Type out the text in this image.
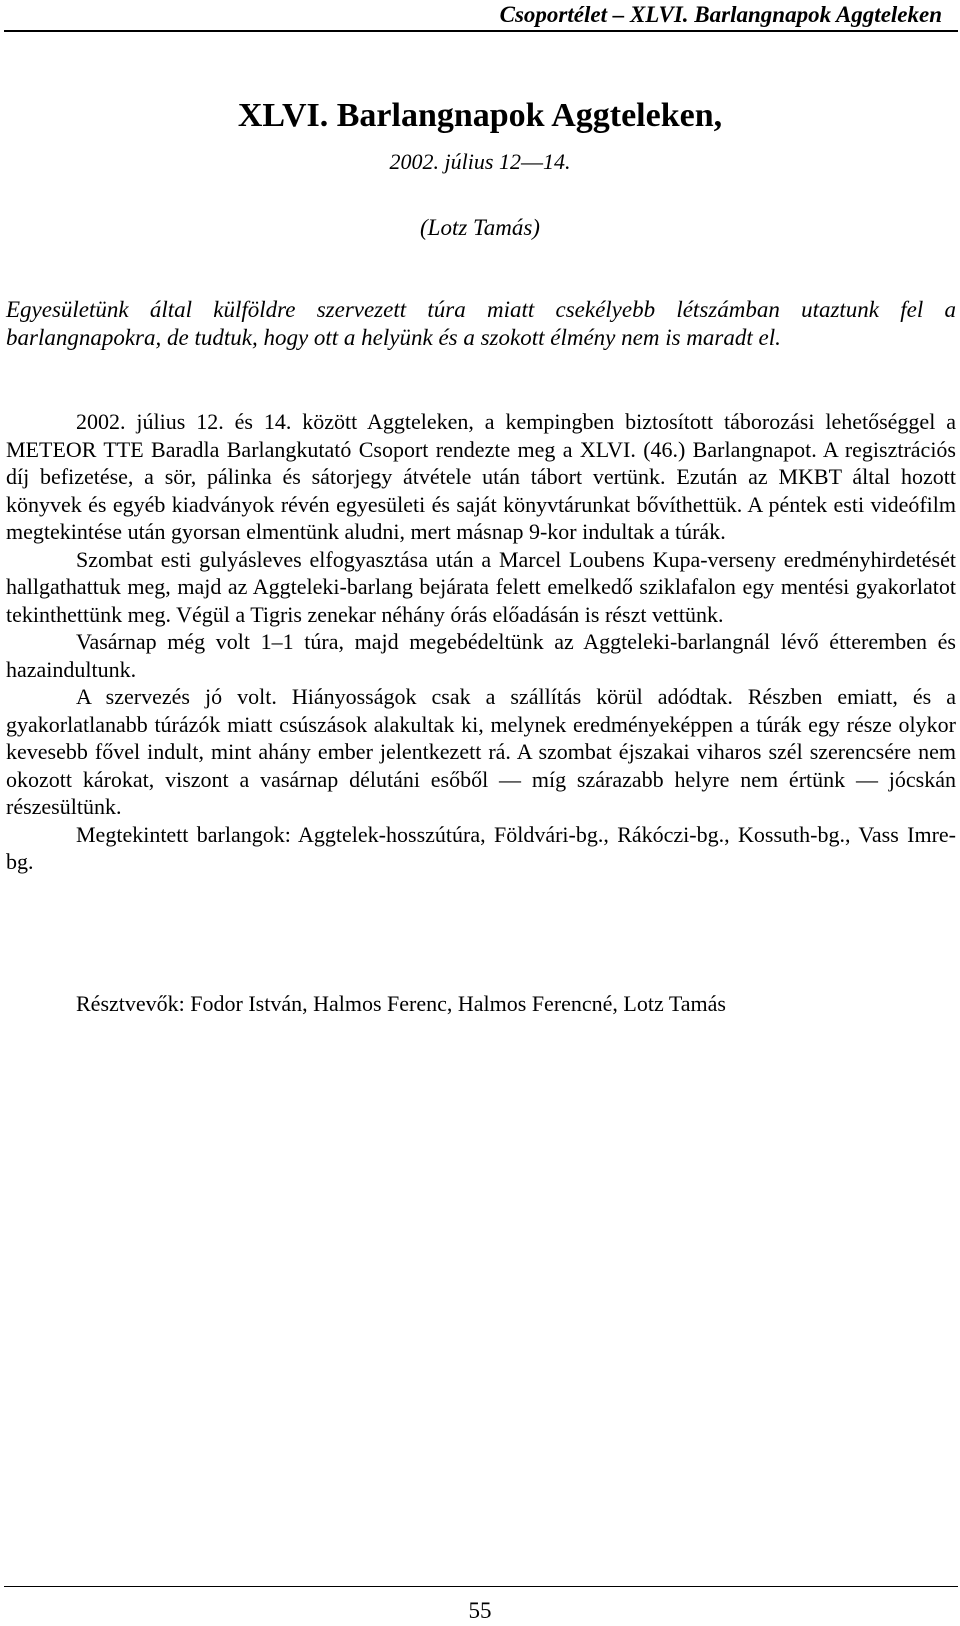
Csoportélet – XLVI. Barlangnapok Aggteleken
XLVI. Barlangnapok Aggteleken,
2002. július 12―14.
(Lotz Tamás)
Egyesületünk által külföldre szervezett túra miatt csekélyebb létszámban utaztunk fel a barlangnapokra, de tudtuk, hogy ott a helyünk és a szokott élmény nem is maradt el.

2002. július 12. és 14. között Aggteleken, a kempingben biztosított táborozási lehetőséggel a METEOR TTE Baradla Barlangkutató Csoport rendezte meg a XLVI. (46.) Barlangnapot. A regisztrációs díj befizetése, a sör, pálinka és sátorjegy átvétele után tábort vertünk. Ezután az MKBT által hozott könyvek és egyéb kiadványok révén egyesületi és saját könyvtárunkat bővíthettük. A péntek esti videófilm megtekintése után gyorsan elmentünk aludni, mert másnap 9-kor indultak a túrák.

Szombat esti gulyásleves elfogyasztása után a Marcel Loubens Kupa-verseny eredményhirdetését hallgathattuk meg, majd az Aggteleki-barlang bejárata felett emelkedő sziklafalon egy mentési gyakorlatot tekinthettünk meg. Végül a Tigris zenekar néhány órás előadásán is részt vettünk.

Vasárnap még volt 1–1 túra, majd megebédeltünk az Aggteleki-barlangnál lévő étteremben és hazaindultunk.

A szervezés jó volt. Hiányosságok csak a szállítás körül adódtak. Részben emiatt, és a gyakorlatlanabb túrázók miatt csúszások alakultak ki, melynek eredményeképpen a túrák egy része olykor kevesebb fővel indult, mint ahány ember jelentkezett rá. A szombat éjszakai viharos szél szerencsére nem okozott károkat, viszont a vasárnap délutáni esőből ― míg szárazabb helyre nem értünk ― jócskán részesültünk.

Megtekintett barlangok: Aggtelek-hosszútúra, Földvári-bg., Rákóczi-bg., Kossuth-bg., Vass Imre-bg.

Résztvevők: Fodor István, Halmos Ferenc, Halmos Ferencné, Lotz Tamás
55
